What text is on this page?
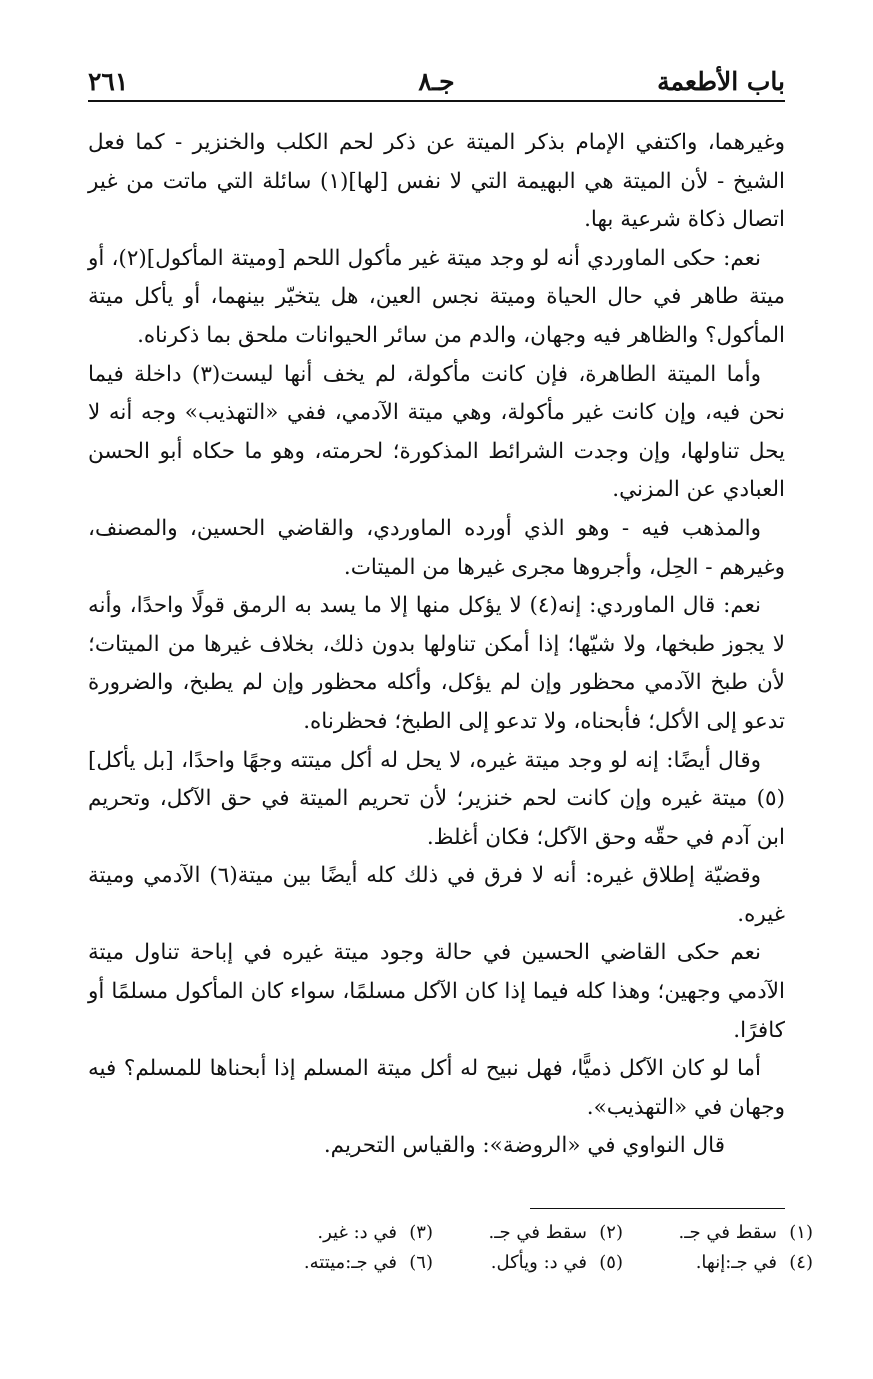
باب الأطعمة
جـ٨
٢٦١

وغيرهما، واكتفي الإمام بذكر الميتة عن ذكر لحم الكلب والخنزير - كما فعل الشيخ - لأن الميتة هي البهيمة التي لا نفس [لها](١) سائلة التي ماتت من غير اتصال ذكاة شرعية بها.

نعم: حكى الماوردي أنه لو وجد ميتة غير مأكول اللحم [وميتة المأكول](٢)، أو ميتة طاهر في حال الحياة وميتة نجس العين، هل يتخيّر بينهما، أو يأكل ميتة المأكول؟ والظاهر فيه وجهان، والدم من سائر الحيوانات ملحق بما ذكرناه.

وأما الميتة الطاهرة، فإن كانت مأكولة، لم يخف أنها ليست(٣) داخلة فيما نحن فيه، وإن كانت غير مأكولة، وهي ميتة الآدمي، ففي «التهذيب» وجه أنه لا يحل تناولها، وإن وجدت الشرائط المذكورة؛ لحرمته، وهو ما حكاه أبو الحسن العبادي عن المزني.

والمذهب فيه - وهو الذي أورده الماوردي، والقاضي الحسين، والمصنف، وغيرهم - الحِل، وأجروها مجرى غيرها من الميتات.

نعم: قال الماوردي: إنه(٤) لا يؤكل منها إلا ما يسد به الرمق قولًا واحدًا، وأنه لا يجوز طبخها، ولا شيّها؛ إذا أمكن تناولها بدون ذلك، بخلاف غيرها من الميتات؛ لأن طبخ الآدمي محظور وإن لم يؤكل، وأكله محظور وإن لم يطبخ، والضرورة تدعو إلى الأكل؛ فأبحناه، ولا تدعو إلى الطبخ؛ فحظرناه.

وقال أيضًا: إنه لو وجد ميتة غيره، لا يحل له أكل ميتته وجهًا واحدًا، [بل يأكل](٥) ميتة غيره وإن كانت لحم خنزير؛ لأن تحريم الميتة في حق الآكل، وتحريم ابن آدم في حقّه وحق الآكل؛ فكان أغلظ.

وقضيّة إطلاق غيره: أنه لا فرق في ذلك كله أيضًا بين ميتة(٦) الآدمي وميتة غيره.

نعم حكى القاضي الحسين في حالة وجود ميتة غيره في إباحة تناول ميتة الآدمي وجهين؛ وهذا كله فيما إذا كان الآكل مسلمًا، سواء كان المأكول مسلمًا أو كافرًا.

أما لو كان الآكل ذميًّا، فهل نبيح له أكل ميتة المسلم إذا أبحناها للمسلم؟ فيه وجهان في «التهذيب».

قال النواوي في «الروضة»: والقياس التحريم.

(١)سقط في جـ.
(٢)سقط في جـ.
(٣)في د: غير.
(٤)في جـ:إنها.
(٥)في د: ويأكل.
(٦)في جـ:ميتته.
